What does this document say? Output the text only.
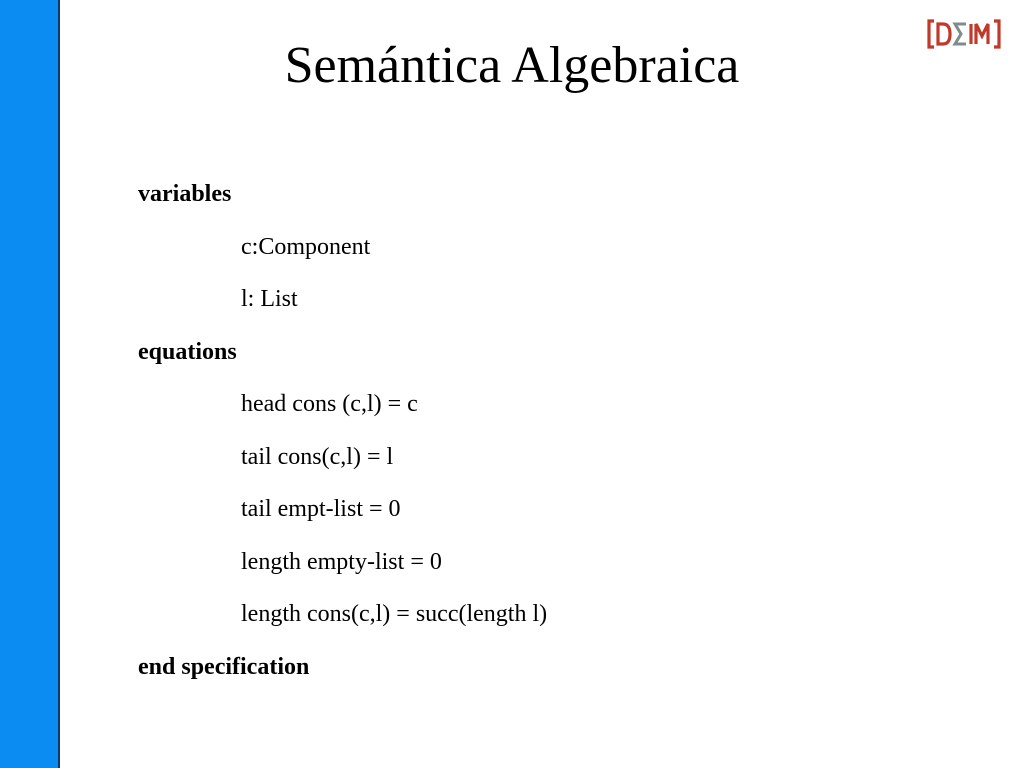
Semántica Algebraica
variables
c:Component
l: List
equations
head cons (c,l) = c
tail cons(c,l) = l
tail empt-list = 0
length empty-list = 0
length cons(c,l) = succ(length l)
end specification
